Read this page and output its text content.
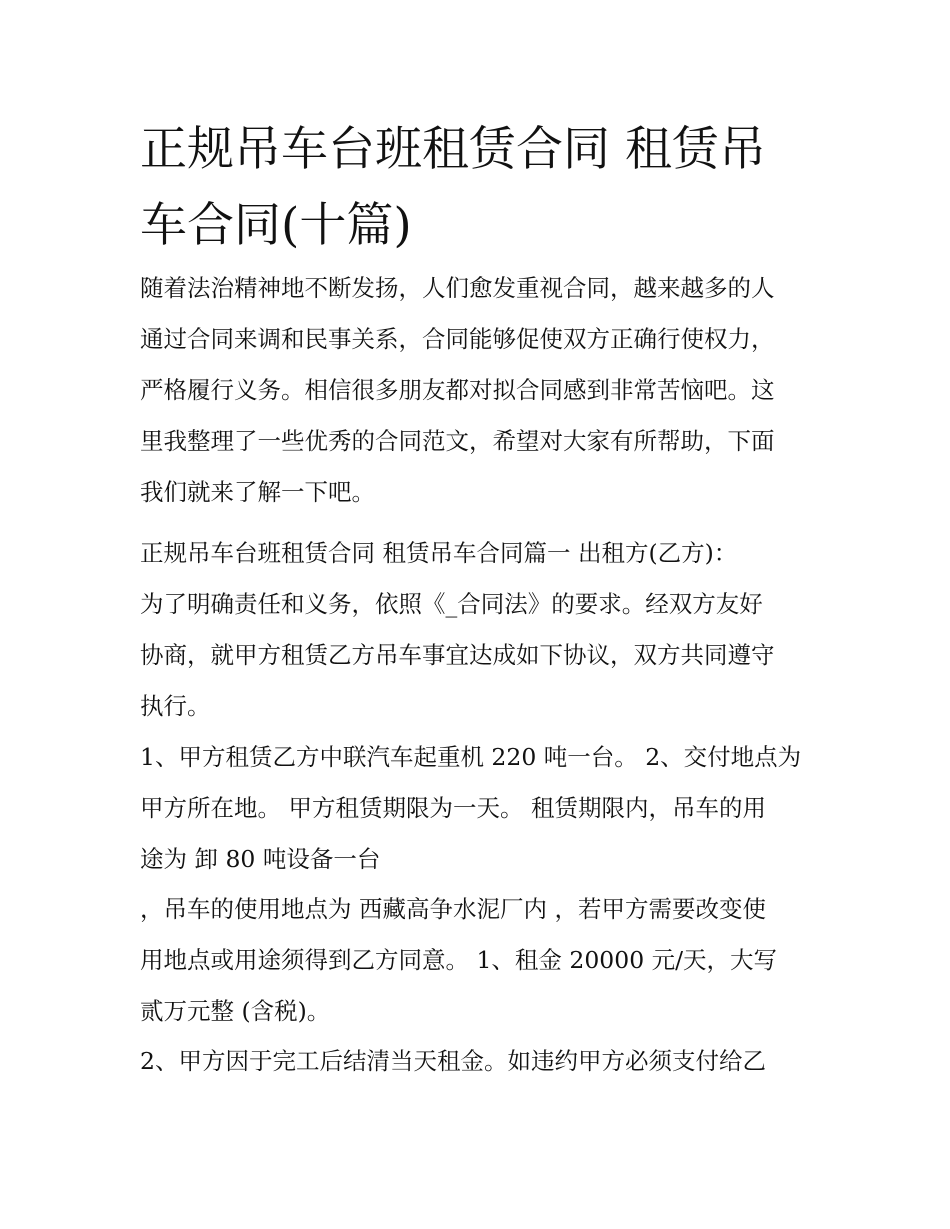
正规吊车台班租赁合同 租赁吊
车合同(十篇)
随着法治精神地不断发扬，人们愈发重视合同，越来越多的人
通过合同来调和民事关系，合同能够促使双方正确行使权力，
严格履行义务。相信很多朋友都对拟合同感到非常苦恼吧。这
里我整理了一些优秀的合同范文，希望对大家有所帮助，下面
我们就来了解一下吧。
正规吊车台班租赁合同 租赁吊车合同篇一 出租方(乙方)：
为了明确责任和义务，依照《_合同法》的要求。经双方友好
协商，就甲方租赁乙方吊车事宜达成如下协议，双方共同遵守
执行。
1、甲方租赁乙方中联汽车起重机 220 吨一台。 2、交付地点为
甲方所在地。 甲方租赁期限为一天。 租赁期限内，吊车的用
途为 卸 80 吨设备一台
，吊车的使用地点为 西藏高争水泥厂内 ，若甲方需要改变使
用地点或用途须得到乙方同意。 1、租金 20000 元/天，大写
贰万元整 (含税)。
2、甲方因于完工后结清当天租金。如违约甲方必须支付给乙
